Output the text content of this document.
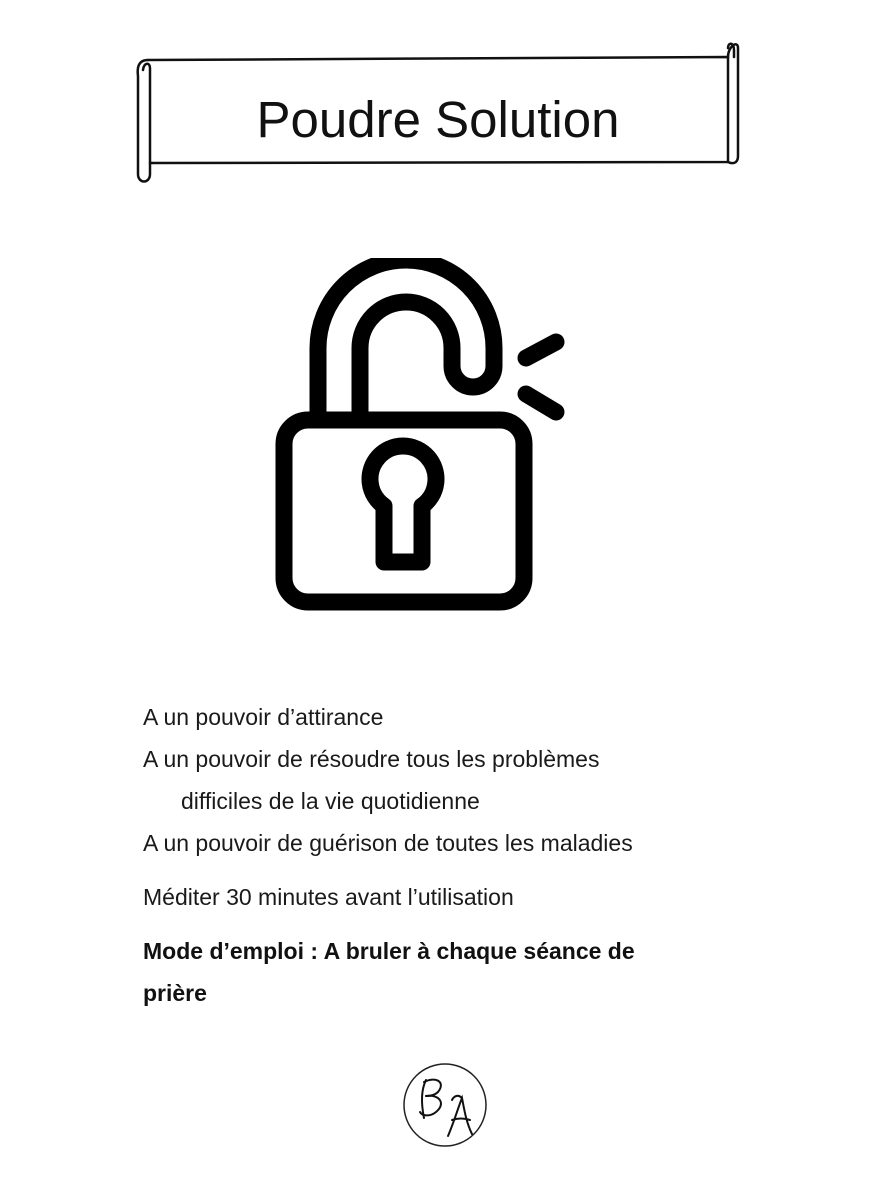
Poudre Solution

A un pouvoir d’attirance

A un pouvoir de résoudre tous les problèmes

difficiles de la vie quotidienne

A un pouvoir de guérison de toutes les maladies

Méditer 30 minutes avant l’utilisation

Mode d’emploi : A bruler à chaque séance de prière
